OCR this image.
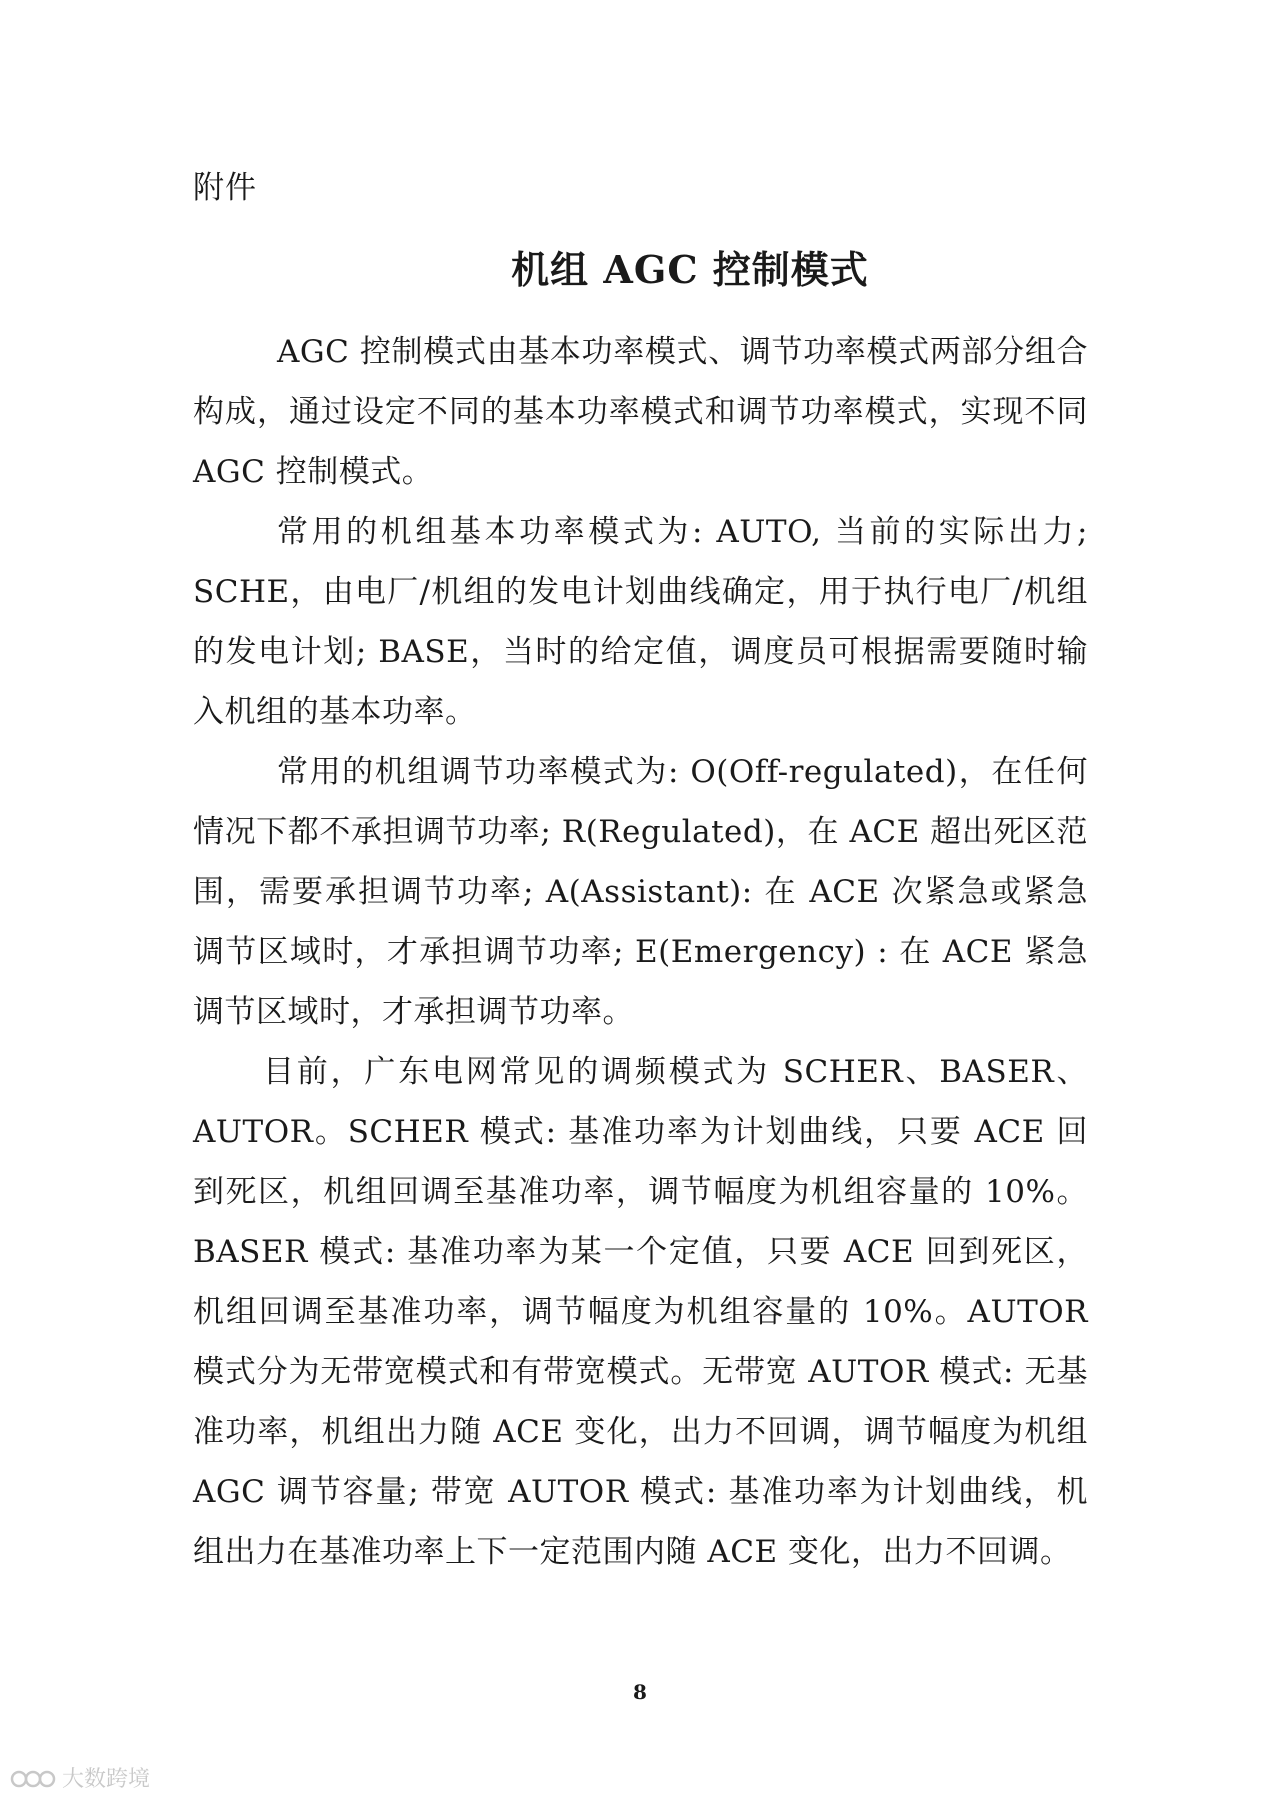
附件
机组 AGC 控制模式

AGC 控制模式由基本功率模式、调节功率模式两部分组合构成，通过设定不同的基本功率模式和调节功率模式，实现不同 AGC 控制模式。

常用的机组基本功率模式为: AUTO, 当前的实际出力; SCHE，由电厂/机组的发电计划曲线确定，用于执行电厂/机组的发电计划; BASE，当时的给定值，调度员可根据需要随时输入机组的基本功率。

常用的机组调节功率模式为: O(Off-regulated)，在任何情况下都不承担调节功率; R(Regulated)，在 ACE 超出死区范围，需要承担调节功率; A(Assistant): 在 ACE 次紧急或紧急调节区域时，才承担调节功率; E(Emergency) : 在 ACE 紧急调节区域时，才承担调节功率。

目前，广东电网常见的调频模式为 SCHER、BASER、AUTOR。SCHER 模式: 基准功率为计划曲线，只要 ACE 回到死区，机组回调至基准功率，调节幅度为机组容量的 10%。BASER 模式: 基准功率为某一个定值，只要 ACE 回到死区，机组回调至基准功率，调节幅度为机组容量的 10%。AUTOR 模式分为无带宽模式和有带宽模式。无带宽 AUTOR 模式: 无基准功率，机组出力随 ACE 变化，出力不回调，调节幅度为机组 AGC 调节容量; 带宽 AUTOR 模式: 基准功率为计划曲线，机组出力在基准功率上下一定范围内随 ACE 变化，出力不回调。

8
大数跨境
